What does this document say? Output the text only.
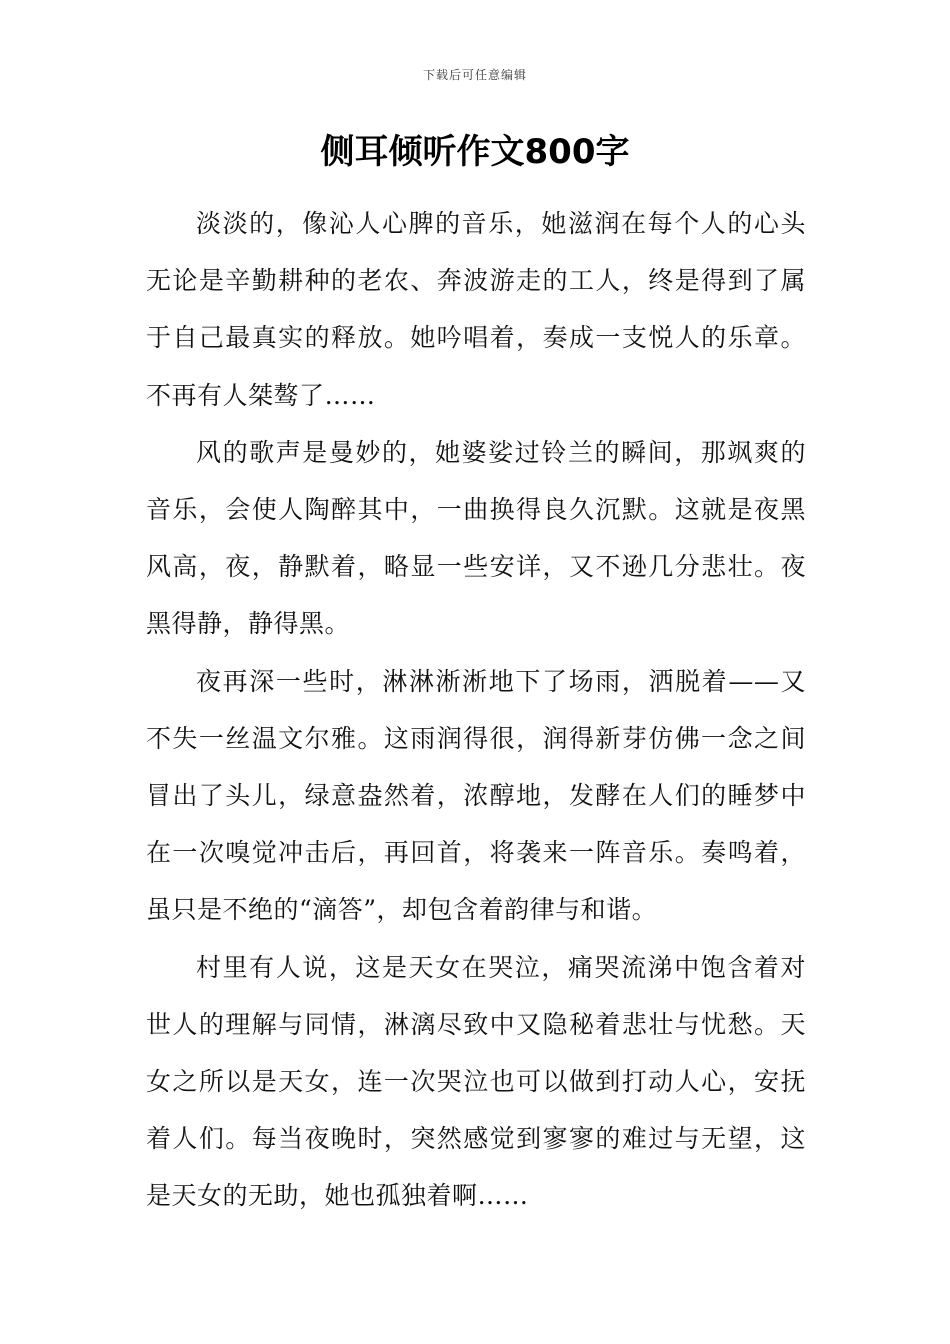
下载后可任意编辑
侧耳倾听作文800字

淡淡的，像沁人心脾的音乐，她滋润在每个人的心头无论是辛勤耕种的老农、奔波游走的工人，终是得到了属于自己最真实的释放。她吟唱着，奏成一支悦人的乐章。不再有人桀骜了……

风的歌声是曼妙的，她婆娑过铃兰的瞬间，那飒爽的音乐，会使人陶醉其中，一曲换得良久沉默。这就是夜黑风高，夜，静默着，略显一些安详，又不逊几分悲壮。夜黑得静，静得黑。

夜再深一些时，淋淋淅淅地下了场雨，洒脱着——又不失一丝温文尔雅。这雨润得很，润得新芽仿佛一念之间冒出了头儿，绿意盎然着，浓醇地，发酵在人们的睡梦中在一次嗅觉冲击后，再回首，将袭来一阵音乐。奏鸣着，虽只是不绝的“滴答”，却包含着韵律与和谐。

村里有人说，这是天女在哭泣，痛哭流涕中饱含着对世人的理解与同情，淋漓尽致中又隐秘着悲壮与忧愁。天女之所以是天女，连一次哭泣也可以做到打动人心，安抚着人们。每当夜晚时，突然感觉到寥寥的难过与无望，这是天女的无助，她也孤独着啊……
